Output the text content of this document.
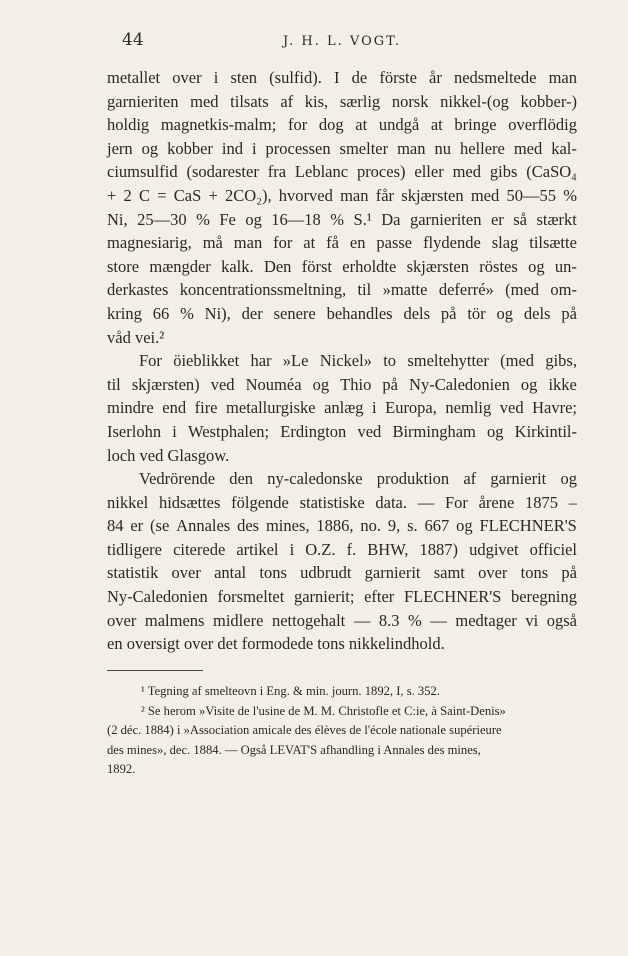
44	J. H. L. VOGT.
metallet over i sten (sulfid). I de förste år nedsmeltede man
garnieriten med tilsats af kis, særlig norsk nikkel-(og kobber-)
holdig magnetkis-malm; for dog at undgå at bringe overflödig
jern og kobber ind i processen smelter man nu hellere med kal-
ciumsulfid (sodarester fra Leblanc proces) eller med gibs (CaSO₄
+ 2 C = CaS + 2CO₂), hvorved man får skjærsten med 50—55 %
Ni, 25—30 % Fe og 16—18 % S.¹ Da garnieriten er så stærkt
magnesiarig, må man for at få en passe flydende slag tilsætte
store mængder kalk. Den först erholdte skjærsten röstes og un-
derkastes koncentrationssmeltning, til »matte deferré» (med om-
kring 66 % Ni), der senere behandles dels på tör og dels på
våd vei.²
For öieblikket har »Le Nickel» to smeltehytter (med gibs,
til skjærsten) ved Nouméa og Thio på Ny-Caledonien og ikke
mindre end fire metallurgiske anlæg i Europa, nemlig ved Havre;
Iserlohn i Westphalen; Erdington ved Birmingham og Kirkintil-
loch ved Glasgow.
Vedrörende den ny-caledonske produktion af garnierit og
nikkel hidsættes fölgende statistiske data. — For årene 1875 –
84 er (se Annales des mines, 1886, no. 9, s. 667 og FLECHNER'S
tidligere citerede artikel i O.Z. f. BHW, 1887) udgivet officiel
statistik over antal tons udbrudt garnierit samt over tons på
Ny-Caledonien forsmeltet garnierit; efter FLECHNER'S beregning
over malmens midlere nettogehalt — 8.3 % — medtager vi også
en oversigt over det formodede tons nikkelindhold.
¹ Tegning af smeltеovn i Eng. & min. journ. 1892, I, s. 352.
² Se herom »Visite de l'usine de M. M. Christofle et C:ie, à Saint-Denis»
(2 déc. 1884) i »Association amicale des élèves de l'école nationale supérieure
des mines», dec. 1884. — Også LEVAT'S afhandling i Annales des mines,
1892.
